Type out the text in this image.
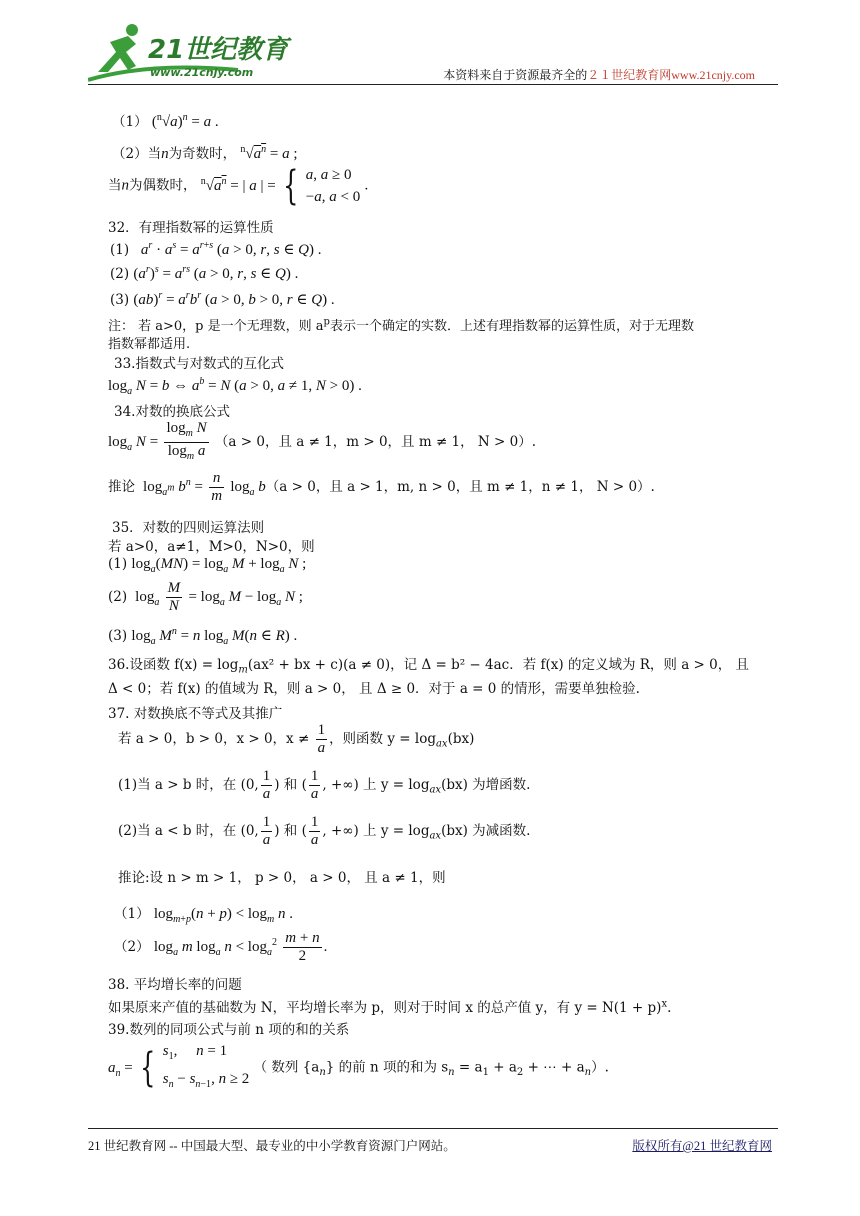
21世纪教育
www.21cnjy.com	本资料来自于资源最齐全的２１世纪教育网www.21cnjy.com
（1） $(^n√a)^n = a$ .
（2）当n为奇数时， $^n√a^n = a$ ;
当n为偶数时， $^n√a^n$ = | a | = { a, a ≥ 0
−a, a < 0 .
32．有理指数幂的运算性质
(1) $a^r \cdot a^s = a^{r+s}$ (a > 0, r, s ∈ Q) .
(2) $(a^r)^s = a^{rs}$ (a > 0, r, s ∈ Q) .
(3) $(ab)^r = a^rb^r$ (a > 0, b > 0, r ∈ Q) .
注： 若 a>0，p 是一个无理数，则 $a^p$表示一个确定的实数．上述有理指数幂的运算性质，对于无理数
指数幂都适用.
33.指数式与对数式的互化式
$\log_a N = b$ ⇔ $a^b = N$ (a > 0, a ≠ 1, N > 0) .
34.对数的换底公式
$\log_a N = \frac{\log_m N}{\log_m a} (a > 0$，且 a ≠ 1，m > 0，且 m ≠ 1， N > 0）.
推论  $\log_{a^m} b^n = \frac{n}{m} \log_a b(a > 0$，且 a > 1，m, n > 0，且 m ≠ 1，n ≠ 1， N > 0）.
35．对数的四则运算法则
若 a>0，a≠1，M>0，N>0，则
(1) $\log_a(MN) = \log_a M + \log_a N$ ;
(2)  $\log_a \frac{M}{N} = \log_a M - \log_a N$ ;
(3) $\log_a M^n = n$ $\log_a M(n$ ∈ R) .
36.设函数 $f(x) = \log_m(ax^2$ + bx + c)(a ≠ 0)，记 Δ = b² − 4ac．若 f(x) 的定义域为 R，则 a > 0， 且
Δ < 0；若 f(x) 的值域为 R，则 a > 0， 且 Δ ≥ 0．对于 a = 0 的情形，需要单独检验.
37. 对数换底不等式及其推广
若 a > 0，b > 0，x > 0，$x \ne \frac{1}{a}$ ，则函数 $y = \log_{ax}(bx)$
(1)当 a > b 时，在 (0, $\frac{1}{a}$ ) 和 ( $\frac{1}{a}$ , +∞) 上 $y = \log_{ax}(bx)$ 为增函数.
(2)当 a < b 时，在 (0, $\frac{1}{a}$ ) 和 ( $\frac{1}{a}$ , +∞) 上 $y = \log_{ax}(bx)$ 为减函数.
推论:设 n > m > 1， p > 0， a > 0， 且 a ≠ 1，则
（1） $\log_{m+p}(n + p) < \log_m n$ .
（2） $\log_a m$ $\log_a n < \log_a^2 \frac{m + n}{2}$ .
38. 平均增长率的问题
如果原来产值的基础数为 N，平均增长率为 p，则对于时间 x 的总产值 y，有 $y = N(1 + p)^x$.
39.数列的同项公式与前 n 项的和的关系
$a_n$ = { $s_1$,     n = 1
$s_n - s_{n-1}$, n ≥ 2 （ 数列 $\{a_n\}$ 的前 n 项的和为 $s_n = a_1 + a_2$ + ⋯ + $a_n$）.
21 世纪教育网 -- 中国最大型、最专业的中小学教育资源门户网站。	版权所有@21 世纪教育网
